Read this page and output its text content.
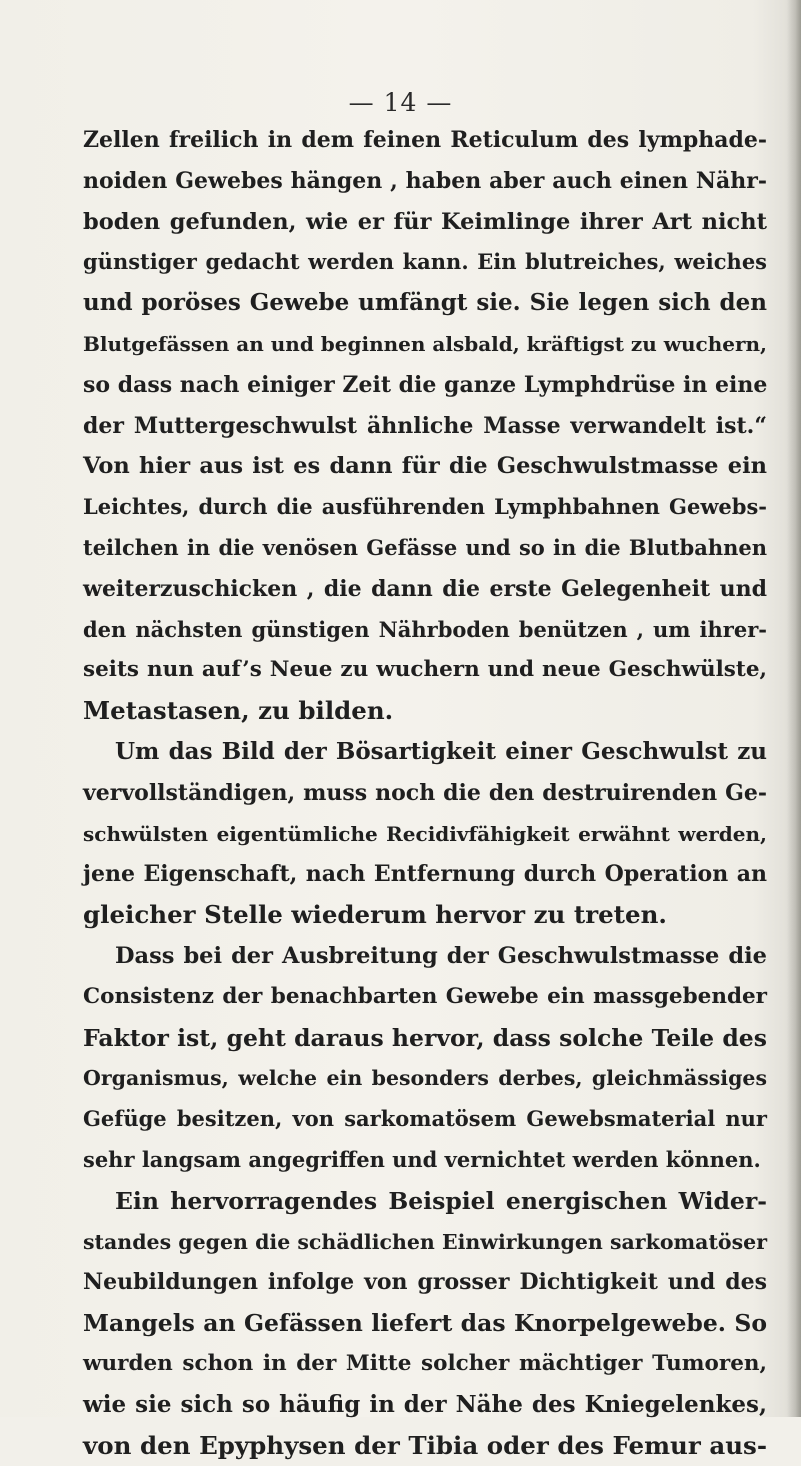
— 14 —
Zellen freilich in dem feinen Reticulum des lymphade-
noiden Gewebes hängen , haben aber auch einen Nähr-
boden gefunden, wie er für Keimlinge ihrer Art nicht
günstiger gedacht werden kann. Ein blutreiches, weiches
und poröses Gewebe umfängt sie. Sie legen sich den
Blutgefässen an und beginnen alsbald, kräftigst zu wuchern,
so dass nach einiger Zeit die ganze Lymphdrüse in eine
der Muttergeschwulst ähnliche Masse verwandelt ist.“
Von hier aus ist es dann für die Geschwulstmasse ein
Leichtes, durch die ausführenden Lymphbahnen Gewebs-
teilchen in die venösen Gefässe und so in die Blutbahnen
weiterzuschicken , die dann die erste Gelegenheit und
den nächsten günstigen Nährboden benützen , um ihrer-
seits nun auf’s Neue zu wuchern und neue Geschwülste,
Metastasen, zu bilden.
Um das Bild der Bösartigkeit einer Geschwulst zu
vervollständigen, muss noch die den destruirenden Ge-
schwülsten eigentümliche Recidivfähigkeit erwähnt werden,
jene Eigenschaft, nach Entfernung durch Operation an
gleicher Stelle wiederum hervor zu treten.
Dass bei der Ausbreitung der Geschwulstmasse die
Consistenz der benachbarten Gewebe ein massgebender
Faktor ist, geht daraus hervor, dass solche Teile des
Organismus, welche ein besonders derbes, gleichmässiges
Gefüge besitzen, von sarkomatösem Gewebsmaterial nur
sehr langsam angegriffen und vernichtet werden können.
Ein hervorragendes Beispiel energischen Wider-
standes gegen die schädlichen Einwirkungen sarkomatöser
Neubildungen infolge von grosser Dichtigkeit und des
Mangels an Gefässen liefert das Knorpelgewebe. So
wurden schon in der Mitte solcher mächtiger Tumoren,
wie sie sich so häufig in der Nähe des Kniegelenkes,
von den Epyphysen der Tibia oder des Femur aus-
